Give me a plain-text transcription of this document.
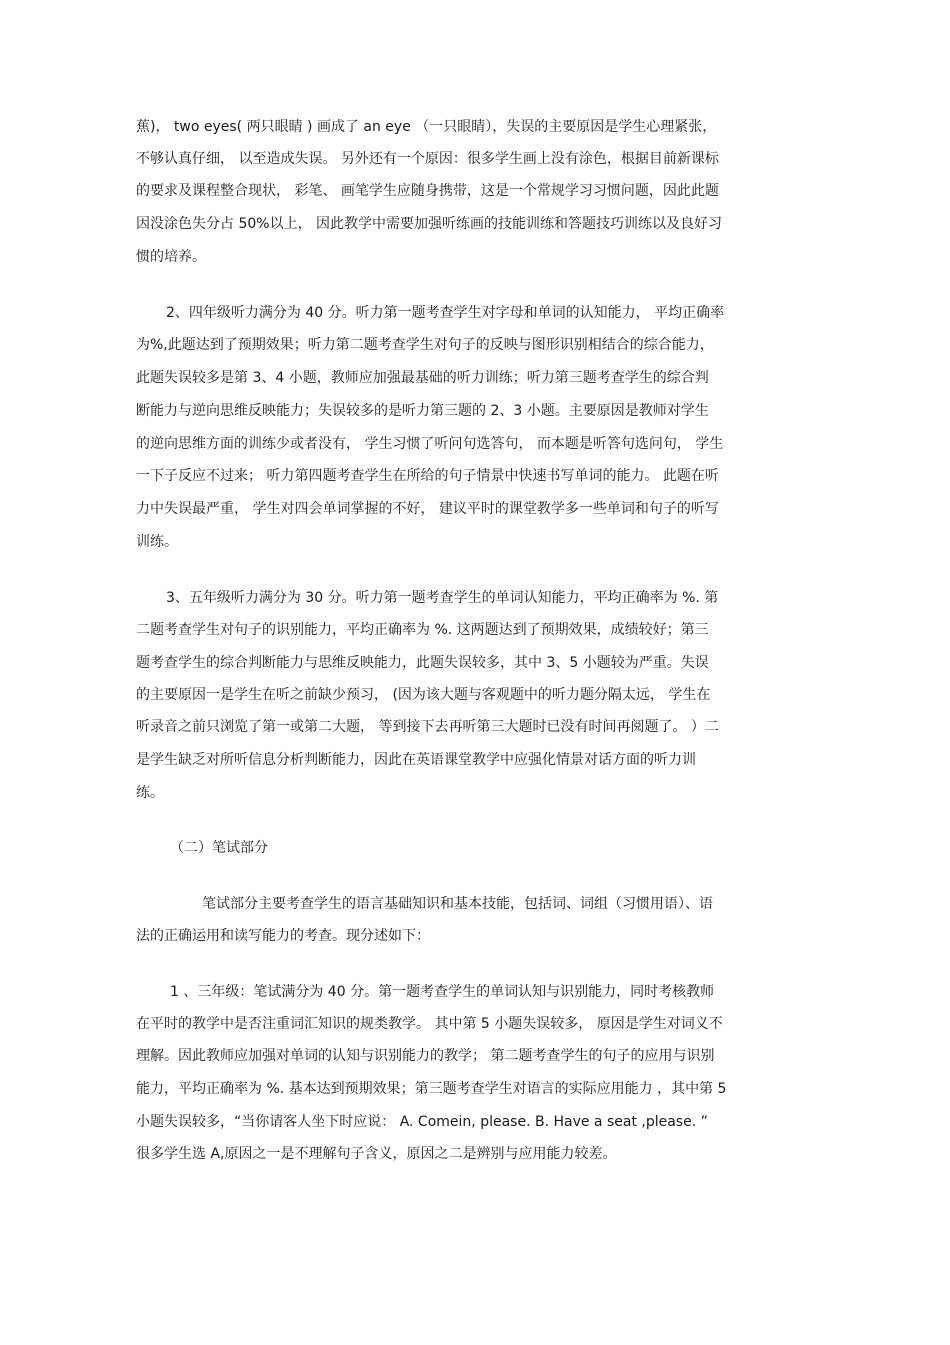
蕉)， two eyes( 两只眼睛 ) 画成了 an eye （一只眼睛），失误的主要原因是学生心理紧张，
不够认真仔细， 以至造成失误。 另外还有一个原因：很多学生画上没有涂色，根据目前新课标
的要求及课程整合现状， 彩笔、 画笔学生应随身携带，这是一个常规学习习惯问题，因此此题
因没涂色失分占 50%以上， 因此教学中需要加强听练画的技能训练和答题技巧训练以及良好习
惯的培养。
2、四年级听力满分为 40 分。听力第一题考查学生对字母和单词的认知能力， 平均正确率
为%,此题达到了预期效果；听力第二题考查学生对句子的反映与图形识别相结合的综合能力，
此题失误较多是第 3、4 小题，教师应加强最基础的听力训练；听力第三题考查学生的综合判
断能力与逆向思维反映能力；失误较多的是听力第三题的 2、3 小题。主要原因是教师对学生
的逆向思维方面的训练少或者没有， 学生习惯了听问句选答句， 而本题是听答句选问句， 学生
一下子反应不过来； 听力第四题考查学生在所给的句子情景中快速书写单词的能力。 此题在听
力中失误最严重， 学生对四会单词掌握的不好， 建议平时的课堂教学多一些单词和句子的听写
训练。
3、五年级听力满分为 30 分。听力第一题考查学生的单词认知能力，平均正确率为 %. 第
二题考查学生对句子的识别能力，平均正确率为 %. 这两题达到了预期效果，成绩较好；第三
题考查学生的综合判断能力与思维反映能力，此题失误较多，其中 3、5 小题较为严重。失误
的主要原因一是学生在听之前缺少预习， (因为该大题与客观题中的听力题分隔太远， 学生在
听录音之前只浏览了第一或第二大题， 等到接下去再听第三大题时已没有时间再阅题了。 ）二
是学生缺乏对所听信息分析判断能力，因此在英语课堂教学中应强化情景对话方面的听力训
练。
（二）笔试部分
笔试部分主要考查学生的语言基础知识和基本技能，包括词、词组（习惯用语）、语
法的正确运用和读写能力的考查。现分述如下：
1 、三年级：笔试满分为 40 分。第一题考查学生的单词认知与识别能力，同时考核教师
在平时的教学中是否注重词汇知识的规类教学。 其中第 5 小题失误较多， 原因是学生对词义不
理解。因此教师应加强对单词的认知与识别能力的教学； 第二题考查学生的句子的应用与识别
能力，平均正确率为 %. 基本达到预期效果；第三题考查学生对语言的实际应用能力 ，其中第 5
小题失误较多，“当你请客人坐下时应说： A. Comein, please. B. Have a seat ,please. ”
很多学生选 A,原因之一是不理解句子含义，原因之二是辨别与应用能力较差。
